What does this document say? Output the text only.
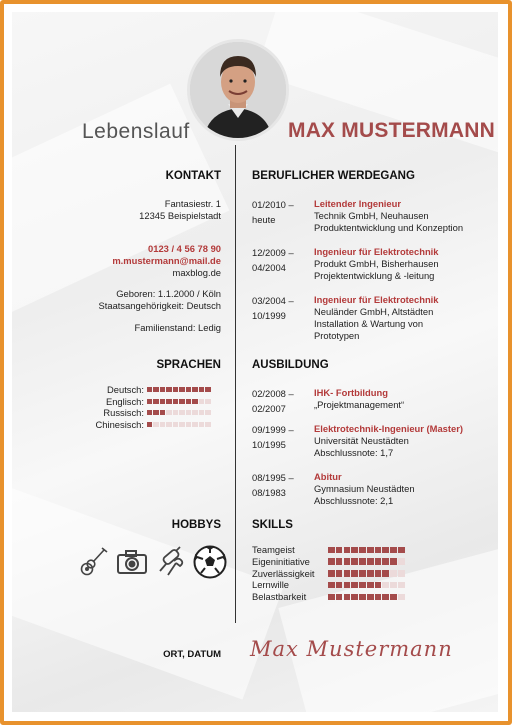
Lebenslauf	MAX MUSTERMANN
KONTAKT
Fantasiestr. 1
12345 Beispielstadt
0123 / 4 56 78 90
m.mustermann@mail.de
maxblog.de
Geboren: 1.1.2000 / Köln
Staatsangehörigkeit: Deutsch
Familienstand: Ledig
SPRACHEN
HOBBYS
ORT, DATUM Max Mustermann
BERUFLICHER WERDEGANG
AUSBILDUNG
SKILLS
Deutsch:
Englisch:
Russisch:
Chinesisch:
01/2010 –
heute
Leitender Ingenieur
Technik GmbH, Neuhausen
Produktentwicklung und Konzeption
12/2009 –
04/2004
Ingenieur für Elektrotechnik
Produkt GmbH, Bisherhausen
Projektentwicklung & -leitung
03/2004 –
10/1999
Ingenieur für Elektrotechnik
Neuländer GmbH, Altstädten
Installation & Wartung von
Prototypen
02/2008 –
02/2007
IHK- Fortbildung
„Projektmanagement“
09/1999 –
10/1995
Elektrotechnik-Ingenieur (Master)
Universität Neustädten
Abschlussnote: 1,7
08/1995 –
08/1983
Abitur
Gymnasium Neustädten
Abschlussnote: 2,1
Teamgeist
Eigeninitiative
Zuverlässigkeit
Lernwille
Belastbarkeit
